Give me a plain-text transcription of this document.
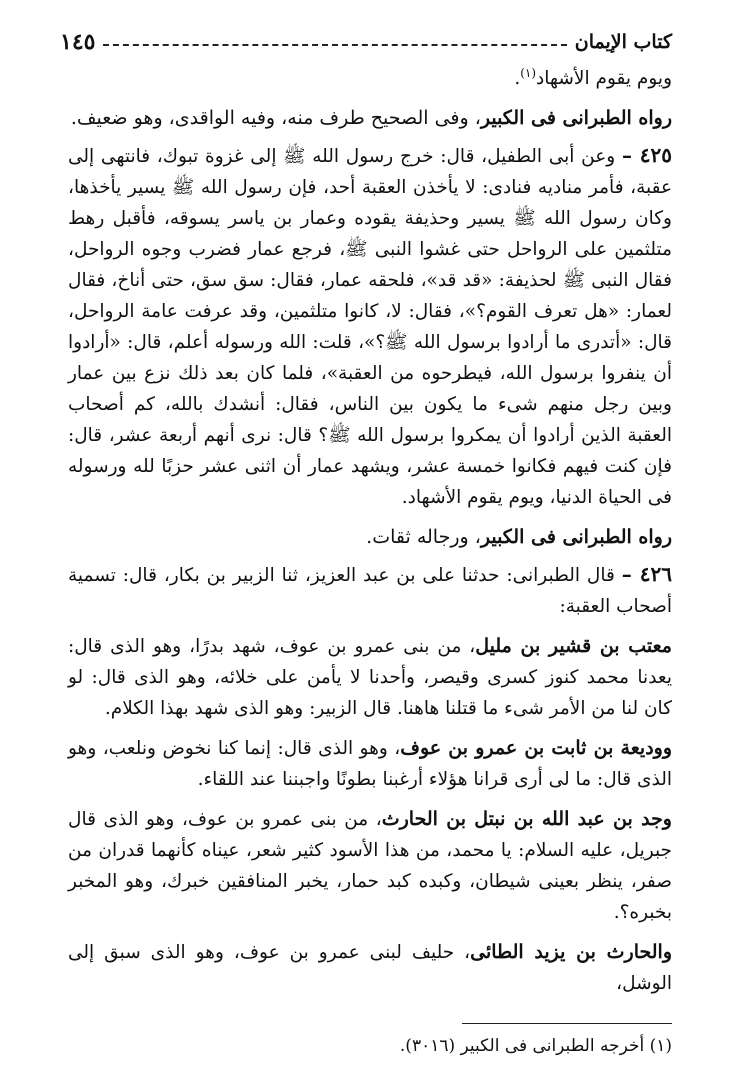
كتاب الإيمان
١٤٥

ويوم يقوم الأشهاد$^{(١)}$.

رواه الطبرانى فى الكبير، وفى الصحيح طرف منه، وفيه الواقدى، وهو ضعيف.

٤٢٥ – وعن أبى الطفيل، قال: خرج رسول الله ﷺ إلى غزوة تبوك، فانتهى إلى عقبة، فأمر مناديه فنادى: لا يأخذن العقبة أحد، فإن رسول الله ﷺ يسير يأخذها، وكان رسول الله ﷺ يسير وحذيفة يقوده وعمار بن ياسر يسوقه، فأقبل رهط متلثمين على الرواحل حتى غشوا النبى ﷺ، فرجع عمار فضرب وجوه الرواحل، فقال النبى ﷺ لحذيفة: «قد قد»، فلحقه عمار، فقال: سق سق، حتى أناخ، فقال لعمار: «هل تعرف القوم؟»، فقال: لا، كانوا متلثمين، وقد عرفت عامة الرواحل، قال: «أتدرى ما أرادوا برسول الله ﷺ؟»، قلت: الله ورسوله أعلم، قال: «أرادوا أن ينفروا برسول الله، فيطرحوه من العقبة»، فلما كان بعد ذلك نزع بين عمار وبين رجل منهم شىء ما يكون بين الناس، فقال: أنشدك بالله، كم أصحاب العقبة الذين أرادوا أن يمكروا برسول الله ﷺ؟ قال: نرى أنهم أربعة عشر، قال: فإن كنت فيهم فكانوا خمسة عشر، ويشهد عمار أن اثنى عشر حزبًا لله ورسوله فى الحياة الدنيا، ويوم يقوم الأشهاد.

رواه الطبرانى فى الكبير، ورجاله ثقات.

٤٢٦ – قال الطبرانى: حدثنا على بن عبد العزيز، ثنا الزبير بن بكار، قال: تسمية أصحاب العقبة:

معتب بن قشير بن مليل، من بنى عمرو بن عوف، شهد بدرًا، وهو الذى قال: يعدنا محمد كنوز كسرى وقيصر، وأحدنا لا يأمن على خلائه، وهو الذى قال: لو كان لنا من الأمر شىء ما قتلنا هاهنا. قال الزبير: وهو الذى شهد بهذا الكلام.

ووديعة بن ثابت بن عمرو بن عوف، وهو الذى قال: إنما كنا نخوض ونلعب، وهو الذى قال: ما لى أرى قرانا هؤلاء أرغبنا بطونًا واجبننا عند اللقاء.

وجد بن عبد الله بن نبتل بن الحارث، من بنى عمرو بن عوف، وهو الذى قال جبريل، عليه السلام: يا محمد، من هذا الأسود كثير شعر، عيناه كأنهما قدران من صفر، ينظر بعينى شيطان، وكبده كبد حمار، يخبر المنافقين خبرك، وهو المخبر بخبره؟.

والحارث بن يزيد الطائى، حليف لبنى عمرو بن عوف، وهو الذى سبق إلى الوشل،

(١) أخرجه الطبرانى فى الكبير (٣٠١٦).
